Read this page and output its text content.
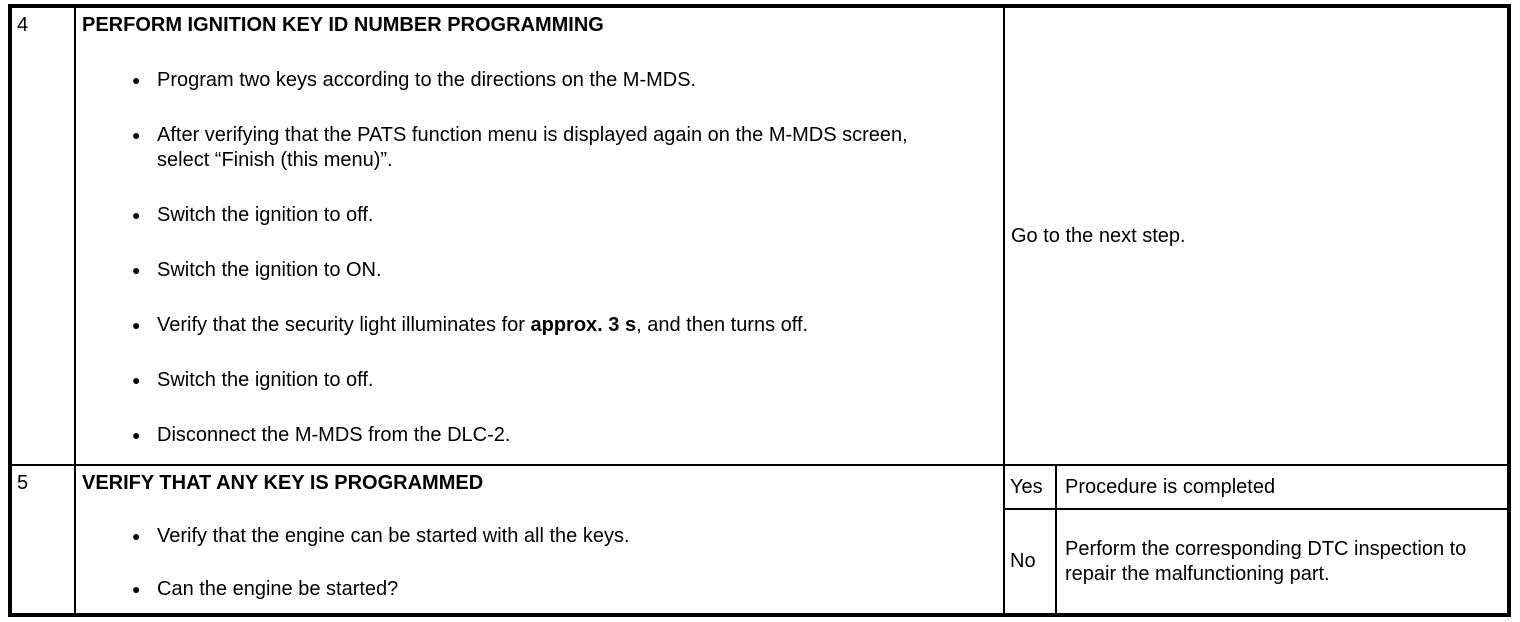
4	PERFORM IGNITION KEY ID NUMBER PROGRAMMING
● Program two keys according to the directions on the M-MDS.
● After verifying that the PATS function menu is displayed again on the M-MDS screen, select “Finish (this menu)”.
● Switch the ignition to off.
● Switch the ignition to ON.
● Verify that the security light illuminates for approx. 3 s, and then turns off.
● Switch the ignition to off.
● Disconnect the M-MDS from the DLC-2.
Go to the next step.
5	VERIFY THAT ANY KEY IS PROGRAMMED
● Verify that the engine can be started with all the keys.
● Can the engine be started?
Yes Procedure is completed
No
Perform the corresponding DTC inspection to repair the malfunctioning part.
